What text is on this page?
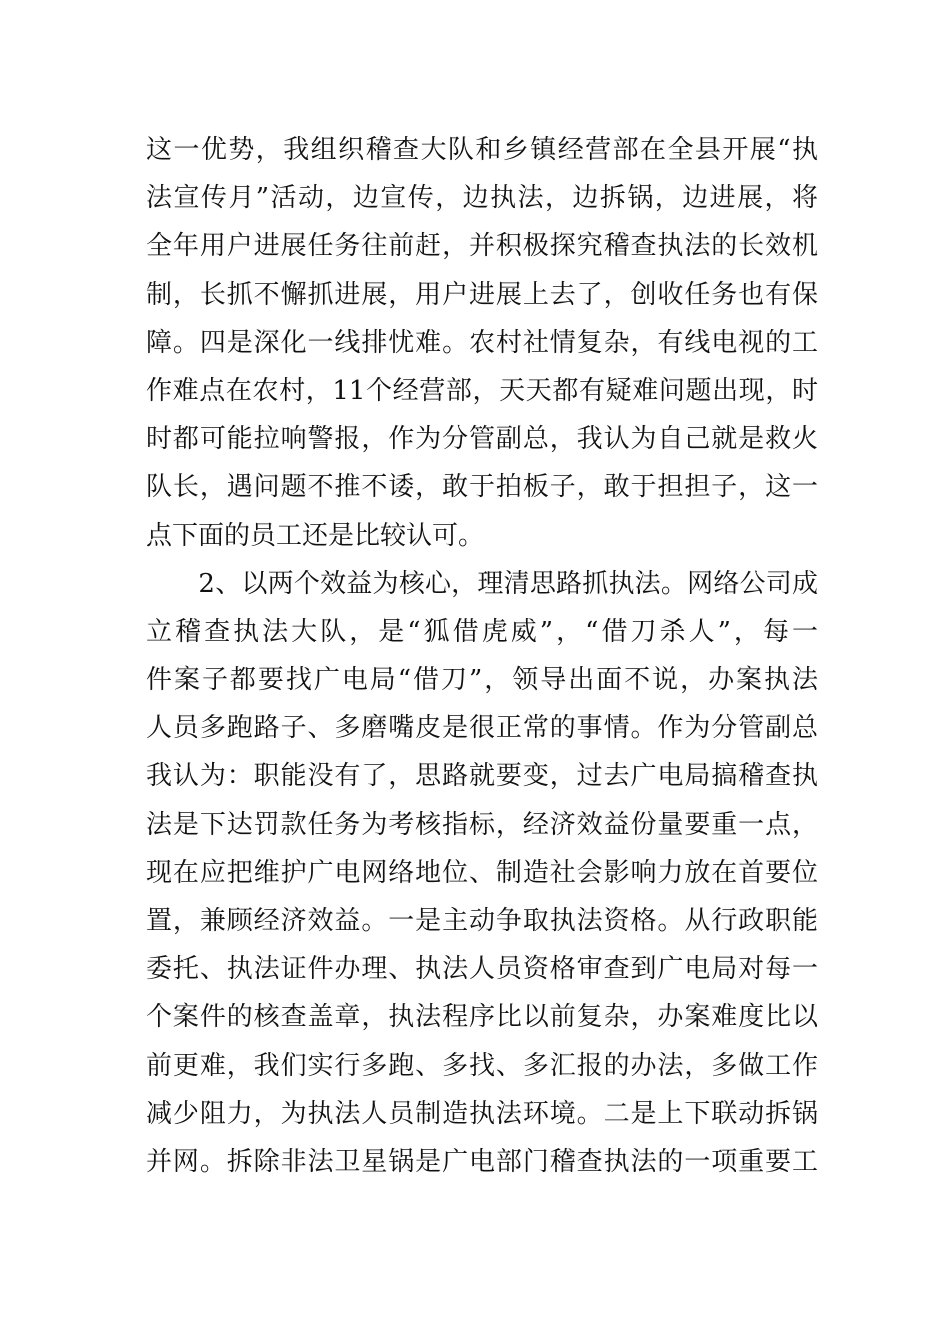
这一优势，我组织稽查大队和乡镇经营部在全县开展“执
法宣传月”活动，边宣传，边执法，边拆锅，边进展，将
全年用户进展任务往前赶，并积极探究稽查执法的长效机
制，长抓不懈抓进展，用户进展上去了，创收任务也有保
障。四是深化一线排忧难。农村社情复杂，有线电视的工
作难点在农村，11个经营部，天天都有疑难问题出现，时
时都可能拉响警报，作为分管副总，我认为自己就是救火
队长，遇问题不推不诿，敢于拍板子，敢于担担子，这一
点下面的员工还是比较认可。
　　2、以两个效益为核心，理清思路抓执法。网络公司成
立稽查执法大队，是“狐借虎威”，“借刀杀人”，每一
件案子都要找广电局“借刀”，领导出面不说，办案执法
人员多跑路子、多磨嘴皮是很正常的事情。作为分管副总
我认为：职能没有了，思路就要变，过去广电局搞稽查执
法是下达罚款任务为考核指标，经济效益份量要重一点，
现在应把维护广电网络地位、制造社会影响力放在首要位
置，兼顾经济效益。一是主动争取执法资格。从行政职能
委托、执法证件办理、执法人员资格审查到广电局对每一
个案件的核查盖章，执法程序比以前复杂，办案难度比以
前更难，我们实行多跑、多找、多汇报的办法，多做工作
减少阻力，为执法人员制造执法环境。二是上下联动拆锅
并网。拆除非法卫星锅是广电部门稽查执法的一项重要工
